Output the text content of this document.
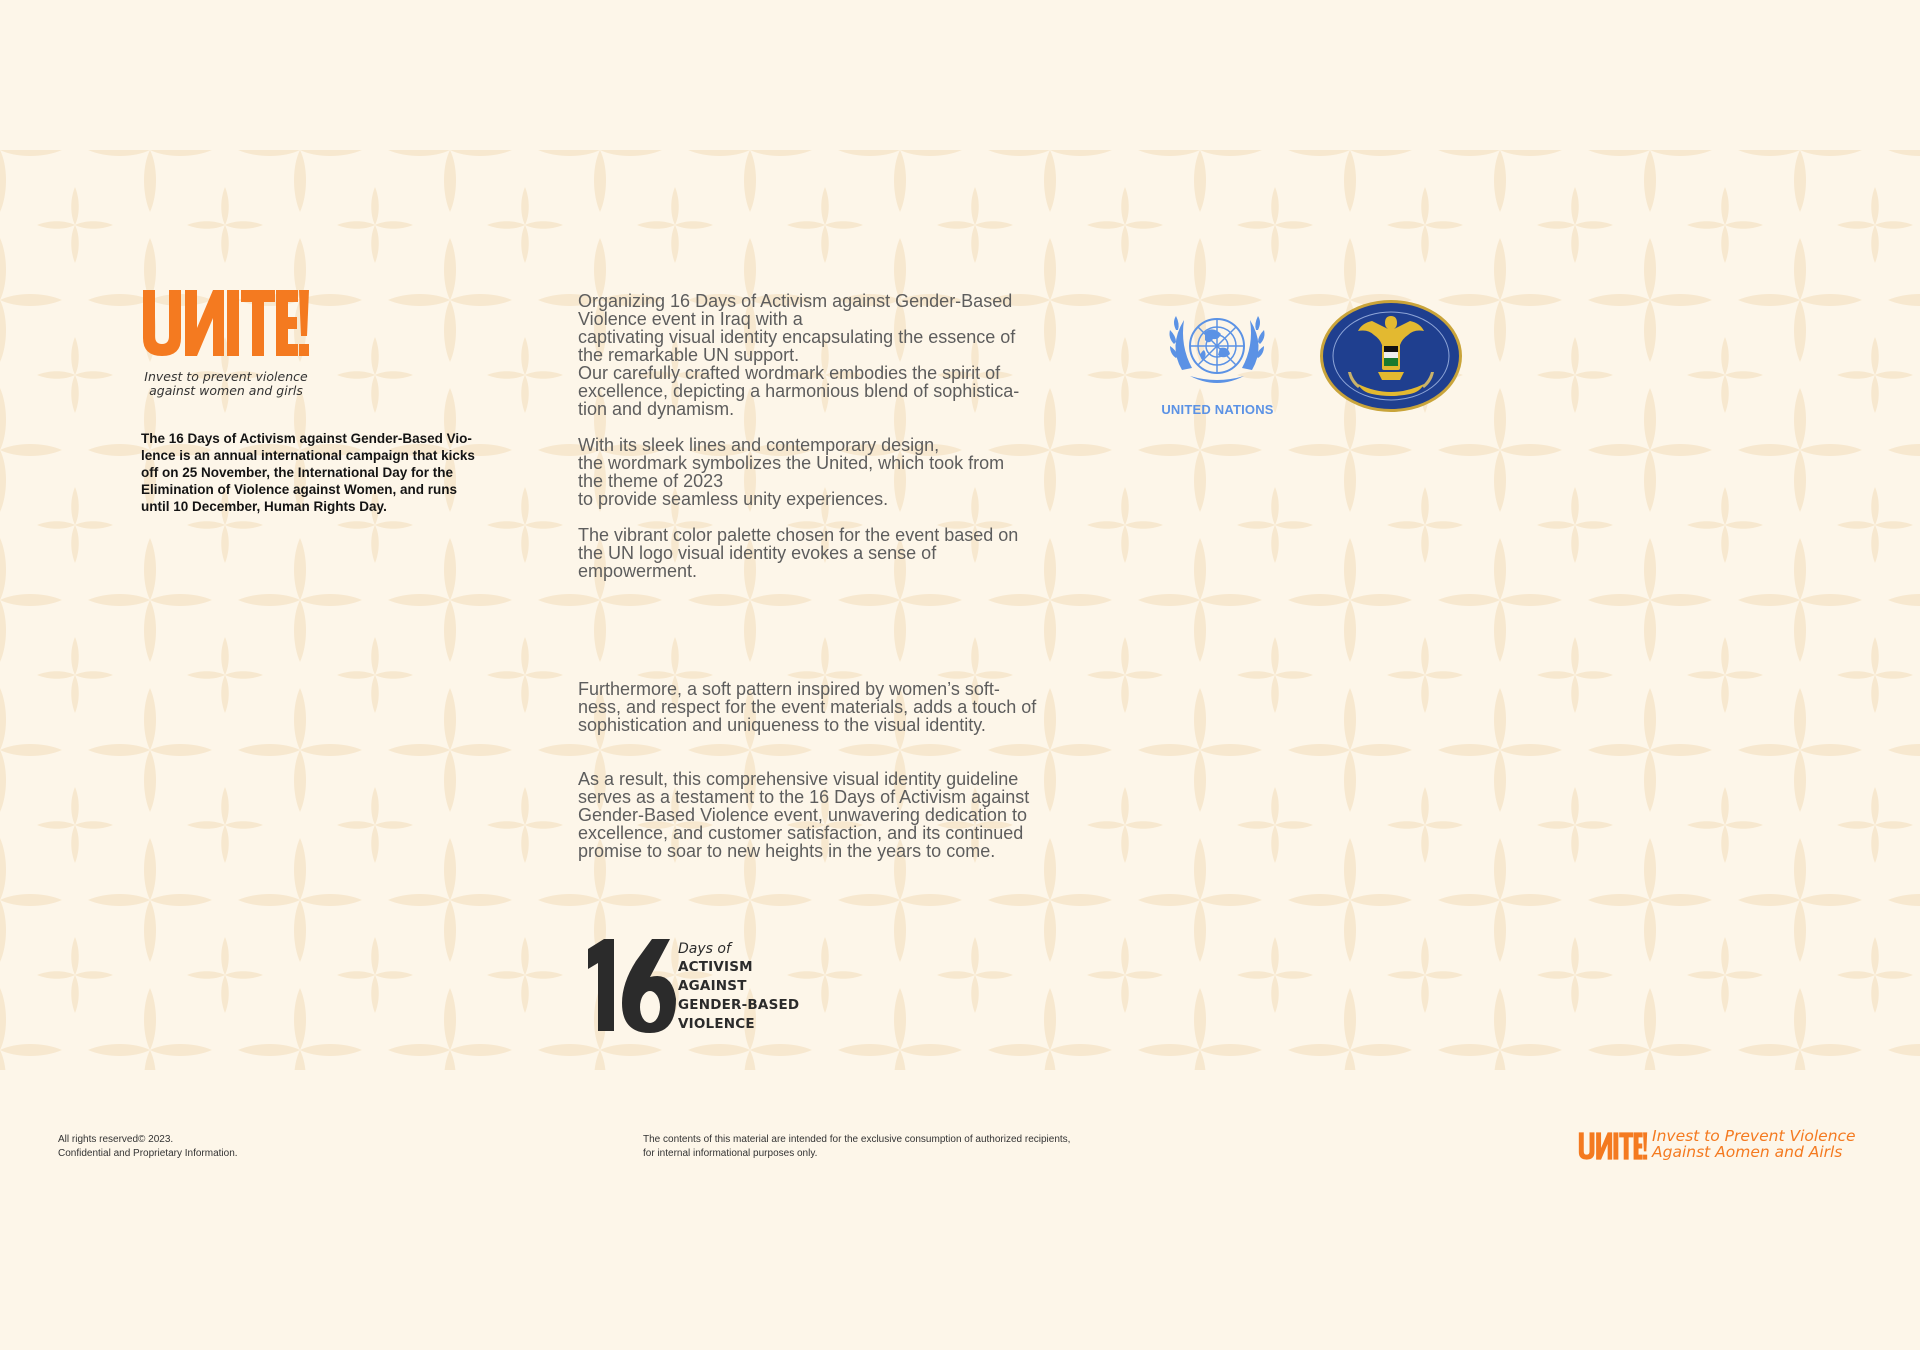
Invest to prevent violence
against women and girls
The 16 Days of Activism against Gender-Based Vio-
lence is an annual international campaign that kicks
off on 25 November, the International Day for the
Elimination of Violence against Women, and runs
until 10 December, Human Rights Day.

Organizing 16 Days of Activism against Gender-Based
Violence event in Iraq with a
captivating visual identity encapsulating the essence of
the remarkable UN support.
Our carefully crafted wordmark embodies the spirit of
excellence, depicting a harmonious blend of sophistica-
tion and dynamism.

With its sleek lines and contemporary design,
the wordmark symbolizes the United, which took from
the theme of 2023
to provide seamless unity experiences.

The vibrant color palette chosen for the event based on
the UN logo visual identity evokes a sense of
empowerment.

Furthermore, a soft pattern inspired by women’s soft-
ness, and respect for the event materials, adds a touch of
sophistication and uniqueness to the visual identity.

As a result, this comprehensive visual identity guideline
serves as a testament to the 16 Days of Activism against
Gender-Based Violence event, unwavering dedication to
excellence, and customer satisfaction, and its continued
promise to soar to new heights in the years to come.

UNITED NATIONS
Days of
ACTIVISM
AGAINST
GENDER-BASED
VIOLENCE
All rights reserved© 2023.
Confidential and Proprietary Information.
The contents of this material are intended for the exclusive consumption of authorized recipients,
for internal informational purposes only.
Invest to Prevent Violence
Against Aomen and Airls
